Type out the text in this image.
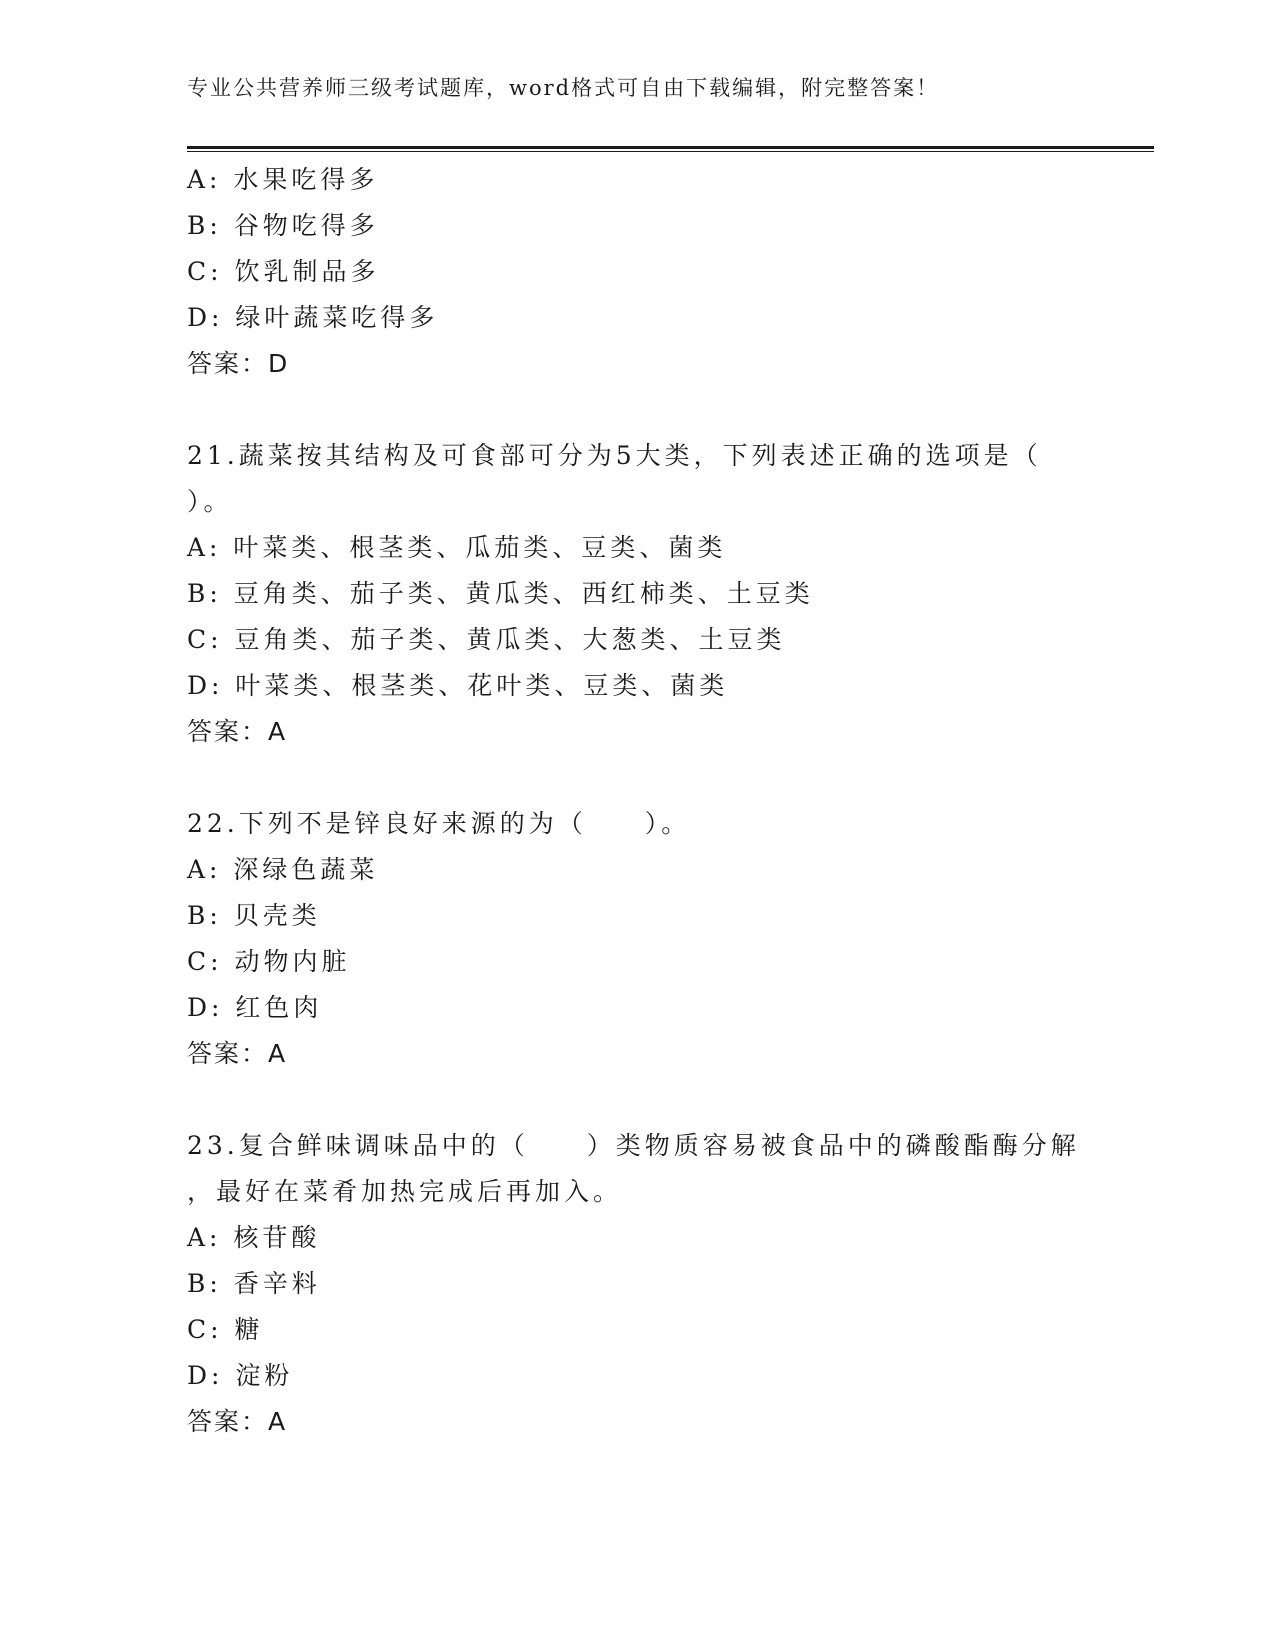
专业公共营养师三级考试题库，word格式可自由下载编辑，附完整答案！
A: 水果吃得多
B: 谷物吃得多
C: 饮乳制品多
D: 绿叶蔬菜吃得多
答案：D
21.蔬菜按其结构及可食部可分为5大类，下列表述正确的选项是（
）。
A: 叶菜类、根茎类、瓜茄类、豆类、菌类
B: 豆角类、茄子类、黄瓜类、西红柿类、土豆类
C: 豆角类、茄子类、黄瓜类、大葱类、土豆类
D: 叶菜类、根茎类、花叶类、豆类、菌类
答案：A
22.下列不是锌良好来源的为（　　）。
A: 深绿色蔬菜
B: 贝壳类
C: 动物内脏
D: 红色肉
答案：A
23.复合鲜味调味品中的（　　）类物质容易被食品中的磷酸酯酶分解
，最好在菜肴加热完成后再加入。
A: 核苷酸
B: 香辛料
C: 糖
D: 淀粉
答案：A
